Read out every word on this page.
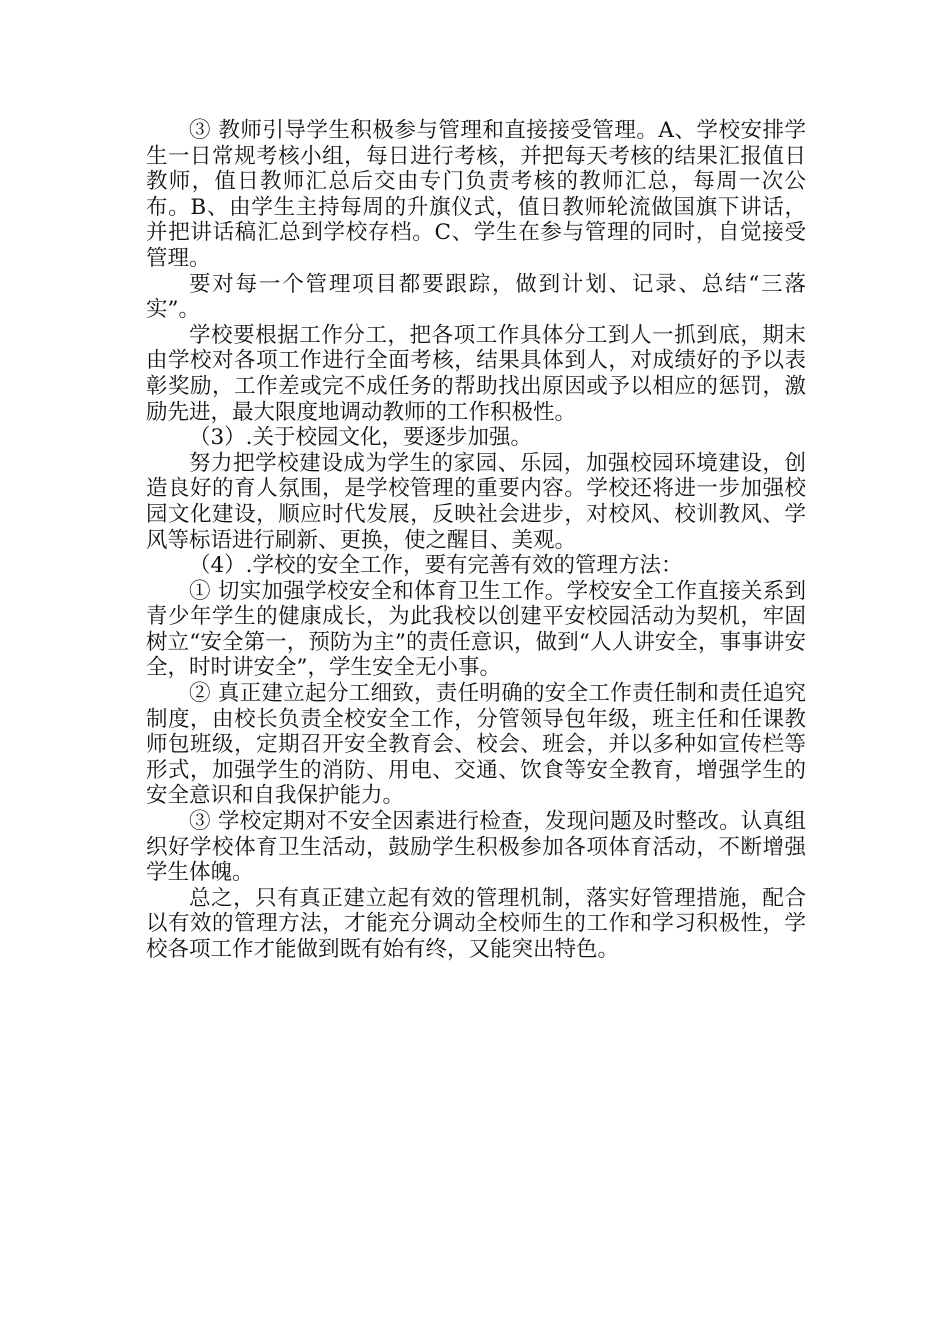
③ 教师引导学生积极参与管理和直接接受管理。A、学校安排学生一日常规考核小组，每日进行考核，并把每天考核的结果汇报值日教师，值日教师汇总后交由专门负责考核的教师汇总，每周一次公布。B、由学生主持每周的升旗仪式，值日教师轮流做国旗下讲话，并把讲话稿汇总到学校存档。C、学生在参与管理的同时，自觉接受管理。

要对每一个管理项目都要跟踪，做到计划、记录、总结“三落实”。

学校要根据工作分工，把各项工作具体分工到人一抓到底，期末由学校对各项工作进行全面考核，结果具体到人，对成绩好的予以表彰奖励，工作差或完不成任务的帮助找出原因或予以相应的惩罚，激励先进，最大限度地调动教师的工作积极性。

（3）.关于校园文化，要逐步加强。

努力把学校建设成为学生的家园、乐园，加强校园环境建设，创造良好的育人氛围，是学校管理的重要内容。学校还将进一步加强校园文化建设，顺应时代发展，反映社会进步，对校风、校训教风、学风等标语进行刷新、更换，使之醒目、美观。

（4）.学校的安全工作，要有完善有效的管理方法：

① 切实加强学校安全和体育卫生工作。学校安全工作直接关系到青少年学生的健康成长，为此我校以创建平安校园活动为契机，牢固树立“安全第一，预防为主”的责任意识，做到“人人讲安全，事事讲安全，时时讲安全”，学生安全无小事。

② 真正建立起分工细致，责任明确的安全工作责任制和责任追究制度，由校长负责全校安全工作，分管领导包年级，班主任和任课教师包班级，定期召开安全教育会、校会、班会，并以多种如宣传栏等形式，加强学生的消防、用电、交通、饮食等安全教育，增强学生的安全意识和自我保护能力。

③ 学校定期对不安全因素进行检查，发现问题及时整改。认真组织好学校体育卫生活动，鼓励学生积极参加各项体育活动，不断增强学生体魄。

总之，只有真正建立起有效的管理机制，落实好管理措施，配合以有效的管理方法，才能充分调动全校师生的工作和学习积极性，学校各项工作才能做到既有始有终，又能突出特色。
